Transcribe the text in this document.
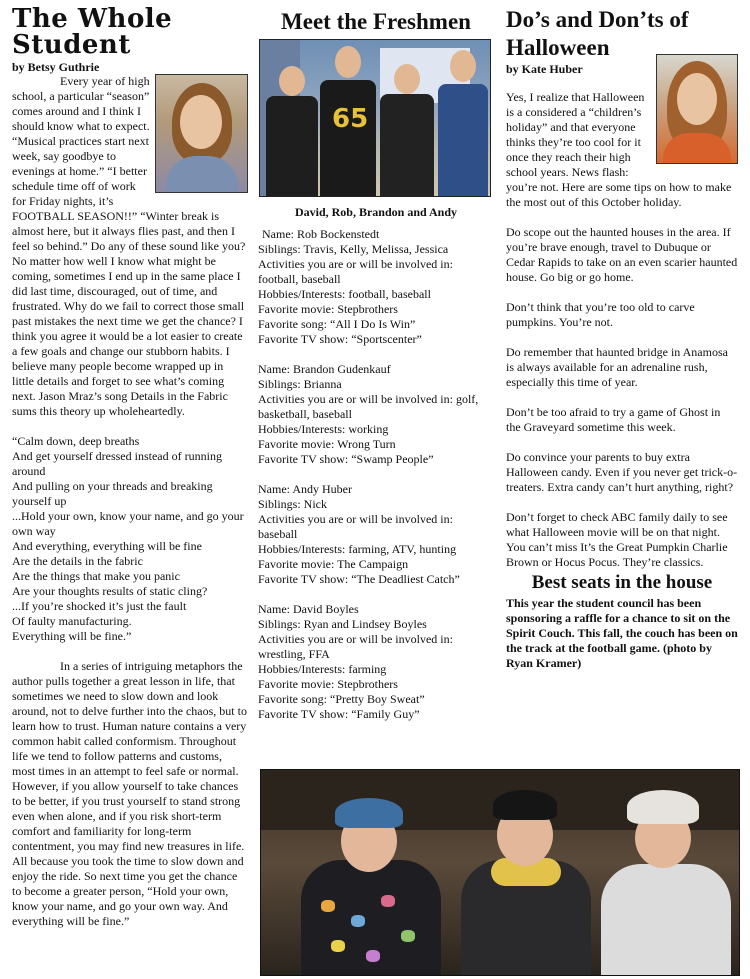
The Whole
Student
by Betsy Guthrie

Every year of high school, a particular “season” comes around and I think I should know what to expect. “Musical practices start next week, say goodbye to evenings at home.” “I better schedule time off of work for Friday nights, it’s FOOTBALL SEASON!!” “Winter break is almost here, but it always flies past, and then I feel so behind.” Do any of these sound like you? No matter how well I know what might be coming, sometimes I end up in the same place I did last time, discouraged, out of time, and frustrated. Why do we fail to correct those small past mistakes the next time we get the chance? I think you agree it would be a lot easier to create a few goals and change our stubborn habits. I believe many people become wrapped up in little details and forget to see what’s coming next. Jason Mraz’s song Details in the Fabric sums this theory up wholeheartedly.

“Calm down, deep breaths

And get yourself dressed instead of running around

And pulling on your threads and breaking yourself up

...Hold your own, know your name, and go your own way

And everything, everything will be fine

Are the details in the fabric

Are the things that make you panic

Are your thoughts results of static cling?

...If you’re shocked it’s just the fault

Of faulty manufacturing.

Everything will be fine.”

In a series of intriguing metaphors the author pulls together a great lesson in life, that sometimes we need to slow down and look around, not to delve further into the chaos, but to learn how to trust. Human nature contains a very common habit called conformism. Throughout life we tend to follow patterns and customs, most times in an attempt to feel safe or normal. However, if you allow yourself to take chances to be better, if you trust yourself to stand strong even when alone, and if you risk short-term comfort and familiarity for long-term contentment, you may find new treasures in life. All because you took the time to slow down and enjoy the ride. So next time you get the chance to become a greater person, “Hold your own, know your name, and go your own way. And everything will be fine.”

Meet the Freshmen
65
David, Rob, Brandon and Andy

Name: Rob Bockenstedt

Siblings: Travis, Kelly, Melissa, Jessica

Activities you are or will be involved in: football, baseball

Hobbies/Interests: football, baseball

Favorite movie: Stepbrothers

Favorite song: “All I Do Is Win”

Favorite TV show: “Sportscenter”

Name: Brandon Gudenkauf

Siblings: Brianna

Activities you are or will be involved in: golf, basketball, baseball

Hobbies/Interests: working

Favorite movie: Wrong Turn

Favorite TV show: “Swamp People”

Name: Andy Huber

Siblings: Nick

Activities you are or will be involved in: baseball

Hobbies/Interests: farming, ATV, hunting

Favorite movie: The Campaign

Favorite TV show: “The Deadliest Catch”

Name: David Boyles

Siblings: Ryan and Lindsey Boyles

Activities you are or will be involved in: wrestling, FFA

Hobbies/Interests: farming

Favorite movie: Stepbrothers

Favorite song: “Pretty Boy Sweat”

Favorite TV show: “Family Guy”

Do’s and Don’ts of
Halloween
by Kate Huber

Yes, I realize that Halloween is a considered a “children’s holiday” and that everyone thinks they’re too cool for it once they reach their high school years. News flash: you’re not. Here are some tips on how to make the most out of this October holiday.

Do scope out the haunted houses in the area. If you’re brave enough, travel to Dubuque or Cedar Rapids to take on an even scarier haunted house. Go big or go home.

Don’t think that you’re too old to carve pumpkins. You’re not.

Do remember that haunted bridge in Anamosa is always available for an adrenaline rush, especially this time of year.

Don’t be too afraid to try a game of Ghost in the Graveyard sometime this week.

Do convince your parents to buy extra Halloween candy. Even if you never get trick-o-treaters. Extra candy can’t hurt anything, right?

Don’t forget to check ABC family daily to see what Halloween movie will be on that night. You can’t miss It’s the Great Pumpkin Charlie Brown or Hocus Pocus. They’re classics.

Best seats in the house
This year the student council has been sponsoring a raffle for a chance to sit on the Spirit Couch. This fall, the couch has been on the track at the football game. (photo by Ryan Kramer)
